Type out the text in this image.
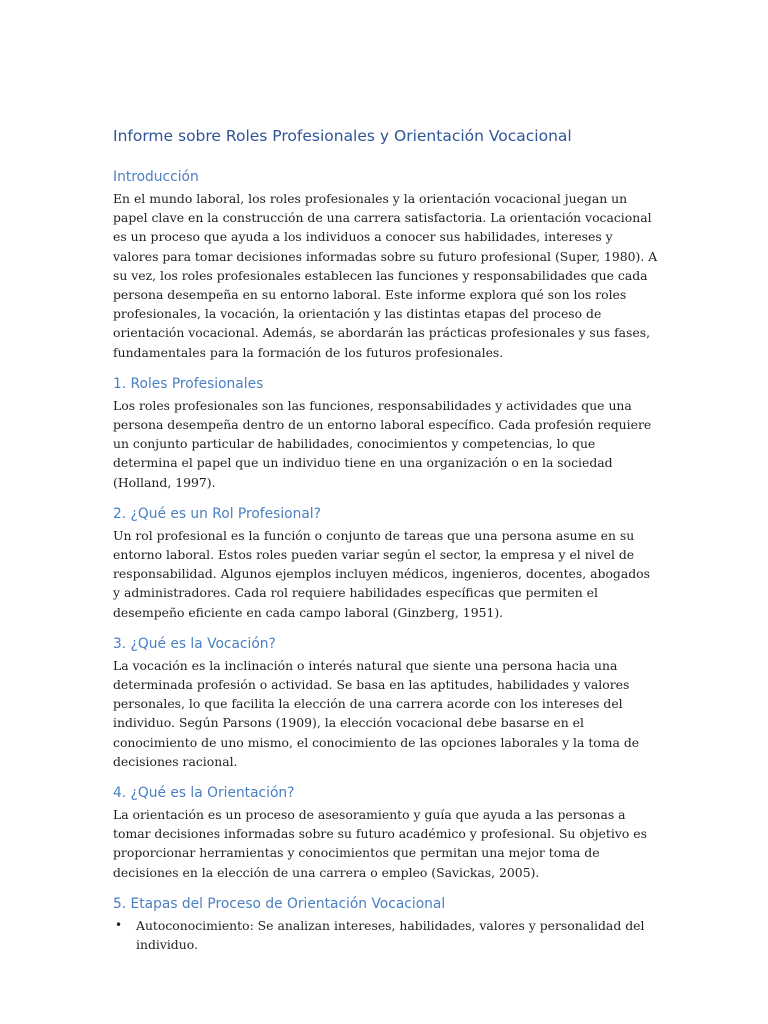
Informe sobre Roles Profesionales y Orientación Vocacional
Introducción

En el mundo laboral, los roles profesionales y la orientación vocacional juegan un papel clave en la construcción de una carrera satisfactoria. La orientación vocacional es un proceso que ayuda a los individuos a conocer sus habilidades, intereses y valores para tomar decisiones informadas sobre su futuro profesional (Super, 1980). A su vez, los roles profesionales establecen las funciones y responsabilidades que cada persona desempeña en su entorno laboral. Este informe explora qué son los roles profesionales, la vocación, la orientación y las distintas etapas del proceso de orientación vocacional. Además, se abordarán las prácticas profesionales y sus fases, fundamentales para la formación de los futuros profesionales.

1. Roles Profesionales

Los roles profesionales son las funciones, responsabilidades y actividades que una persona desempeña dentro de un entorno laboral específico. Cada profesión requiere un conjunto particular de habilidades, conocimientos y competencias, lo que determina el papel que un individuo tiene en una organización o en la sociedad (Holland, 1997).

2. ¿Qué es un Rol Profesional?

Un rol profesional es la función o conjunto de tareas que una persona asume en su entorno laboral. Estos roles pueden variar según el sector, la empresa y el nivel de responsabilidad. Algunos ejemplos incluyen médicos, ingenieros, docentes, abogados y administradores. Cada rol requiere habilidades específicas que permiten el desempeño eficiente en cada campo laboral (Ginzberg, 1951).

3. ¿Qué es la Vocación?

La vocación es la inclinación o interés natural que siente una persona hacia una determinada profesión o actividad. Se basa en las aptitudes, habilidades y valores personales, lo que facilita la elección de una carrera acorde con los intereses del individuo. Según Parsons (1909), la elección vocacional debe basarse en el conocimiento de uno mismo, el conocimiento de las opciones laborales y la toma de decisiones racional.

4. ¿Qué es la Orientación?

La orientación es un proceso de asesoramiento y guía que ayuda a las personas a tomar decisiones informadas sobre su futuro académico y profesional. Su objetivo es proporcionar herramientas y conocimientos que permitan una mejor toma de decisiones en la elección de una carrera o empleo (Savickas, 2005).

5. Etapas del Proceso de Orientación Vocacional
• Autoconocimiento: Se analizan intereses, habilidades, valores y personalidad del individuo.
